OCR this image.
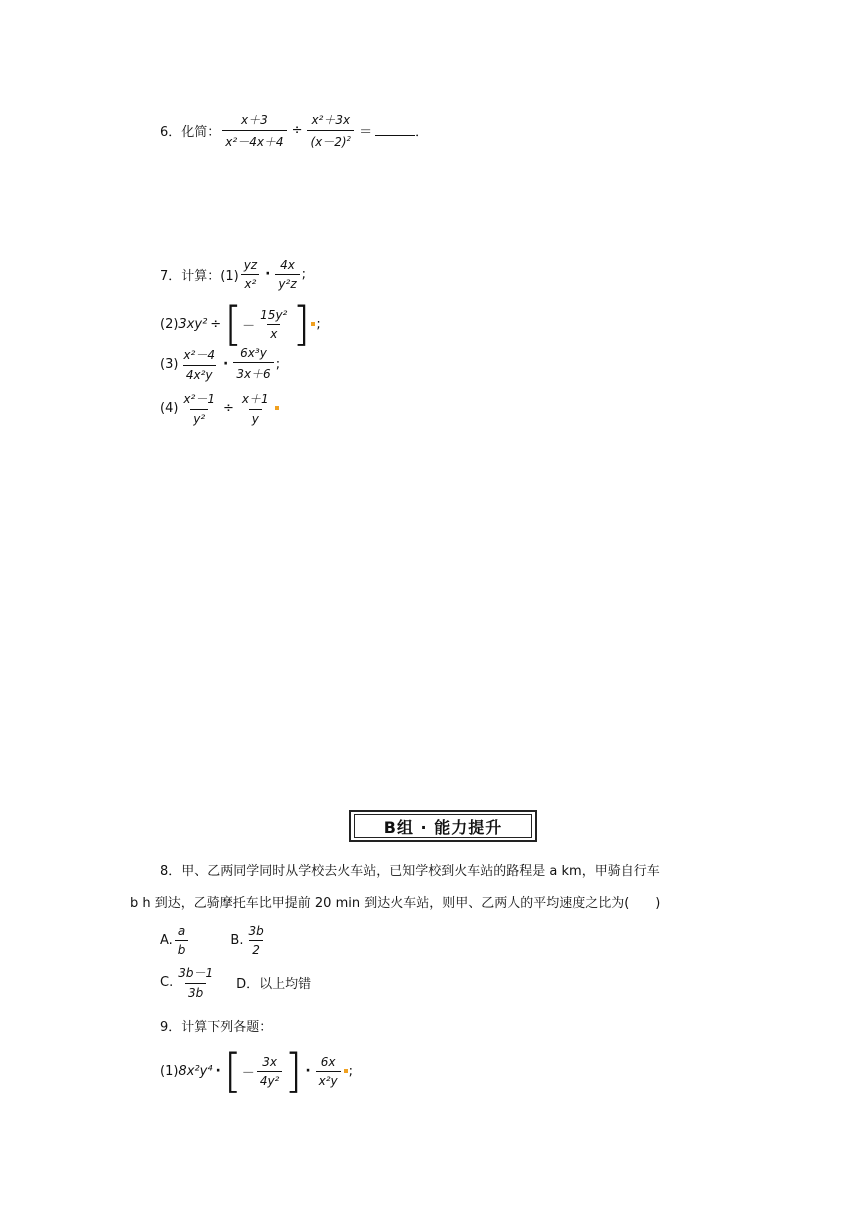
6．化简： $\frac{x+3}{\text{x²－4x＋4}} \div \frac{\text{x²＋3x}}{(x-2)^2}$ ＝	．
7．计算：$(1) \frac{yz}{\text{x²}} \cdot \frac{4x}{\text{y²z}}$ ;
(2) 3xy² ÷ [ － $\frac{\text{15y²}}{x}$ ] ;
$(3) \frac{\text{x²－4}}{\text{4x²y}} \cdot \frac{\text{6x³y}}{3x+6}$ ;
$(4) \frac{\text{x²－1}}{\text{y²}} \div \frac{x+1}{y}$
B组 · 能力提升
8．甲、乙两同学同时从学校去火车站，已知学校到火车站的路程是 a km，甲骑自行车
b h 到达，乙骑摩托车比甲提前 20 min 到达火车站，则甲、乙两人的平均速度之比为(　　)
A. $\frac{a}{b}$	B. $\frac{3b}{2}$
C. $\frac{3b-1}{3b}$ D．以上均错
9．计算下列各题：
(1) 8x²y⁴ · [ － $\frac{3x}{\text{4y²}}$ ] · $\frac{6x}{\text{x²y}}$ ;
